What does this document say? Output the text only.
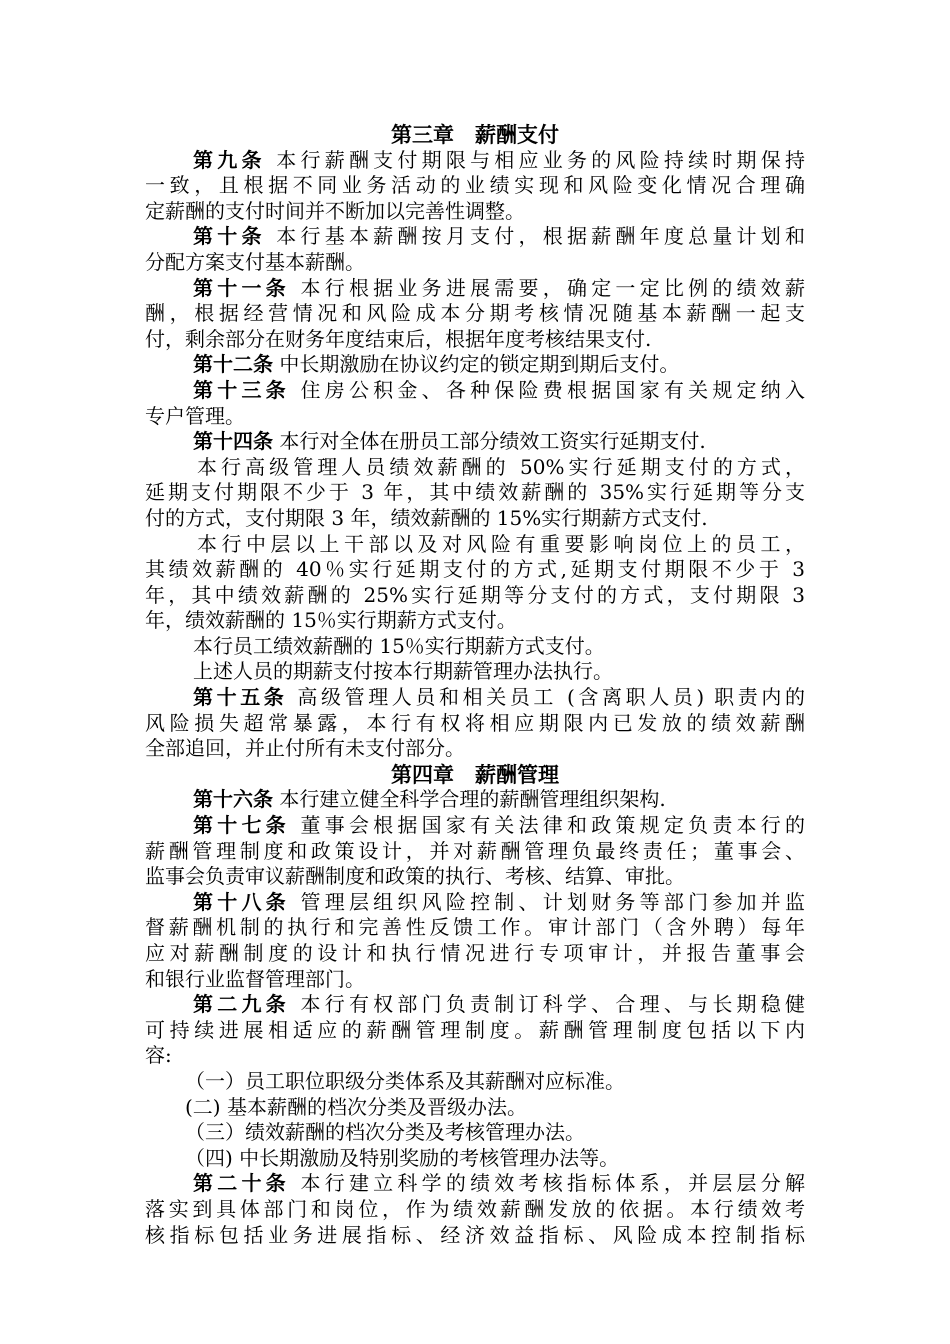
第三章　薪酬支付
第九条 本行薪酬支付期限与相应业务的风险持续时期保持
一致，且根据不同业务活动的业绩实现和风险变化情况合理确
定薪酬的支付时间并不断加以完善性调整。
第十条 本行基本薪酬按月支付，根据薪酬年度总量计划和
分配方案支付基本薪酬。
第十一条 本行根据业务进展需要，确定一定比例的绩效薪
酬，根据经营情况和风险成本分期考核情况随基本薪酬一起支
付，剩余部分在财务年度结束后，根据年度考核结果支付.
第十二条 中长期激励在协议约定的锁定期到期后支付。
第十三条 住房公积金、各种保险费根据国家有关规定纳入
专户管理。
第十四条 本行对全体在册员工部分绩效工资实行延期支付.
本行高级管理人员绩效薪酬的 50%实行延期支付的方式，
延期支付期限不少于 3 年，其中绩效薪酬的 35%实行延期等分支
付的方式，支付期限 3 年，绩效薪酬的 15%实行期薪方式支付.
本行中层以上干部以及对风险有重要影响岗位上的员工，
其绩效薪酬的 40％实行延期支付的方式,延期支付期限不少于 3
年，其中绩效薪酬的 25%实行延期等分支付的方式，支付期限 3
年，绩效薪酬的 15％实行期薪方式支付。
本行员工绩效薪酬的 15％实行期薪方式支付。
上述人员的期薪支付按本行期薪管理办法执行。
第十五条 高级管理人员和相关员工 (含离职人员) 职责内的
风险损失超常暴露，本行有权将相应期限内已发放的绩效薪酬
全部追回，并止付所有未支付部分。
第四章　薪酬管理
第十六条 本行建立健全科学合理的薪酬管理组织架构.
第十七条 董事会根据国家有关法律和政策规定负责本行的
薪酬管理制度和政策设计，并对薪酬管理负最终责任；董事会、
监事会负责审议薪酬制度和政策的执行、考核、结算、审批。
第十八条 管理层组织风险控制、计划财务等部门参加并监
督薪酬机制的执行和完善性反馈工作。审计部门（含外聘）每年
应对薪酬制度的设计和执行情况进行专项审计，并报告董事会
和银行业监督管理部门。
第二九条 本行有权部门负责制订科学、合理、与长期稳健
可持续进展相适应的薪酬管理制度。薪酬管理制度包括以下内
容:
（一）员工职位职级分类体系及其薪酬对应标准。
(二) 基本薪酬的档次分类及晋级办法。
（三）绩效薪酬的档次分类及考核管理办法。
（四) 中长期激励及特别奖励的考核管理办法等。
第二十条 本行建立科学的绩效考核指标体系，并层层分解
落实到具体部门和岗位，作为绩效薪酬发放的依据。本行绩效考
核指标包括业务进展指标、经济效益指标、风险成本控制指标
